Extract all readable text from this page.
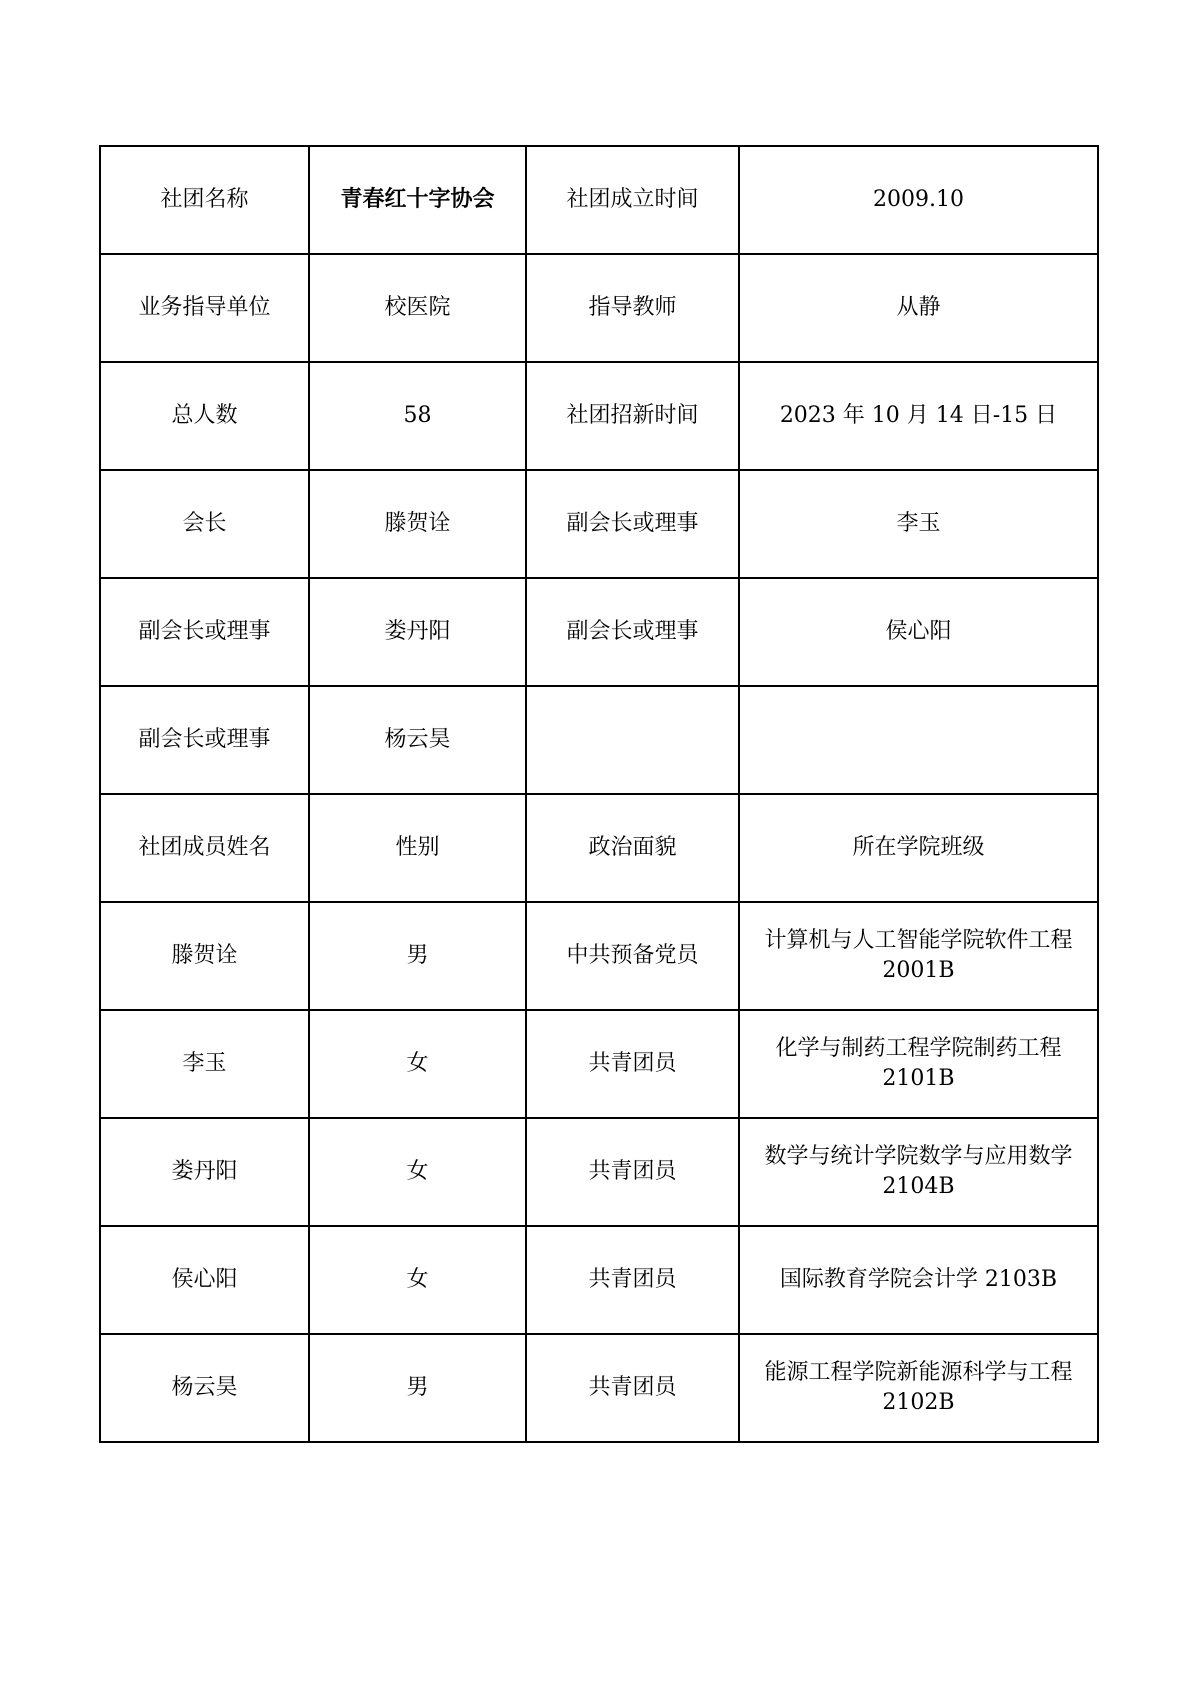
社团名称	青春红十字协会	社团成立时间	2009.10
业务指导单位	校医院	指导教师	从静
总人数	58	社团招新时间	2023 年 10 月 14 日-15 日
会长	滕贺诠	副会长或理事	李玉
副会长或理事	娄丹阳	副会长或理事	侯心阳
副会长或理事	杨云昊		
社团成员姓名	性别	政治面貌	所在学院班级
滕贺诠	男	中共预备党员	计算机与人工智能学院软件工程 2001B
李玉	女	共青团员	化学与制药工程学院制药工程 2101B
娄丹阳	女	共青团员	数学与统计学院数学与应用数学 2104B
侯心阳	女	共青团员	国际教育学院会计学 2103B
杨云昊	男	共青团员	能源工程学院新能源科学与工程 2102B
